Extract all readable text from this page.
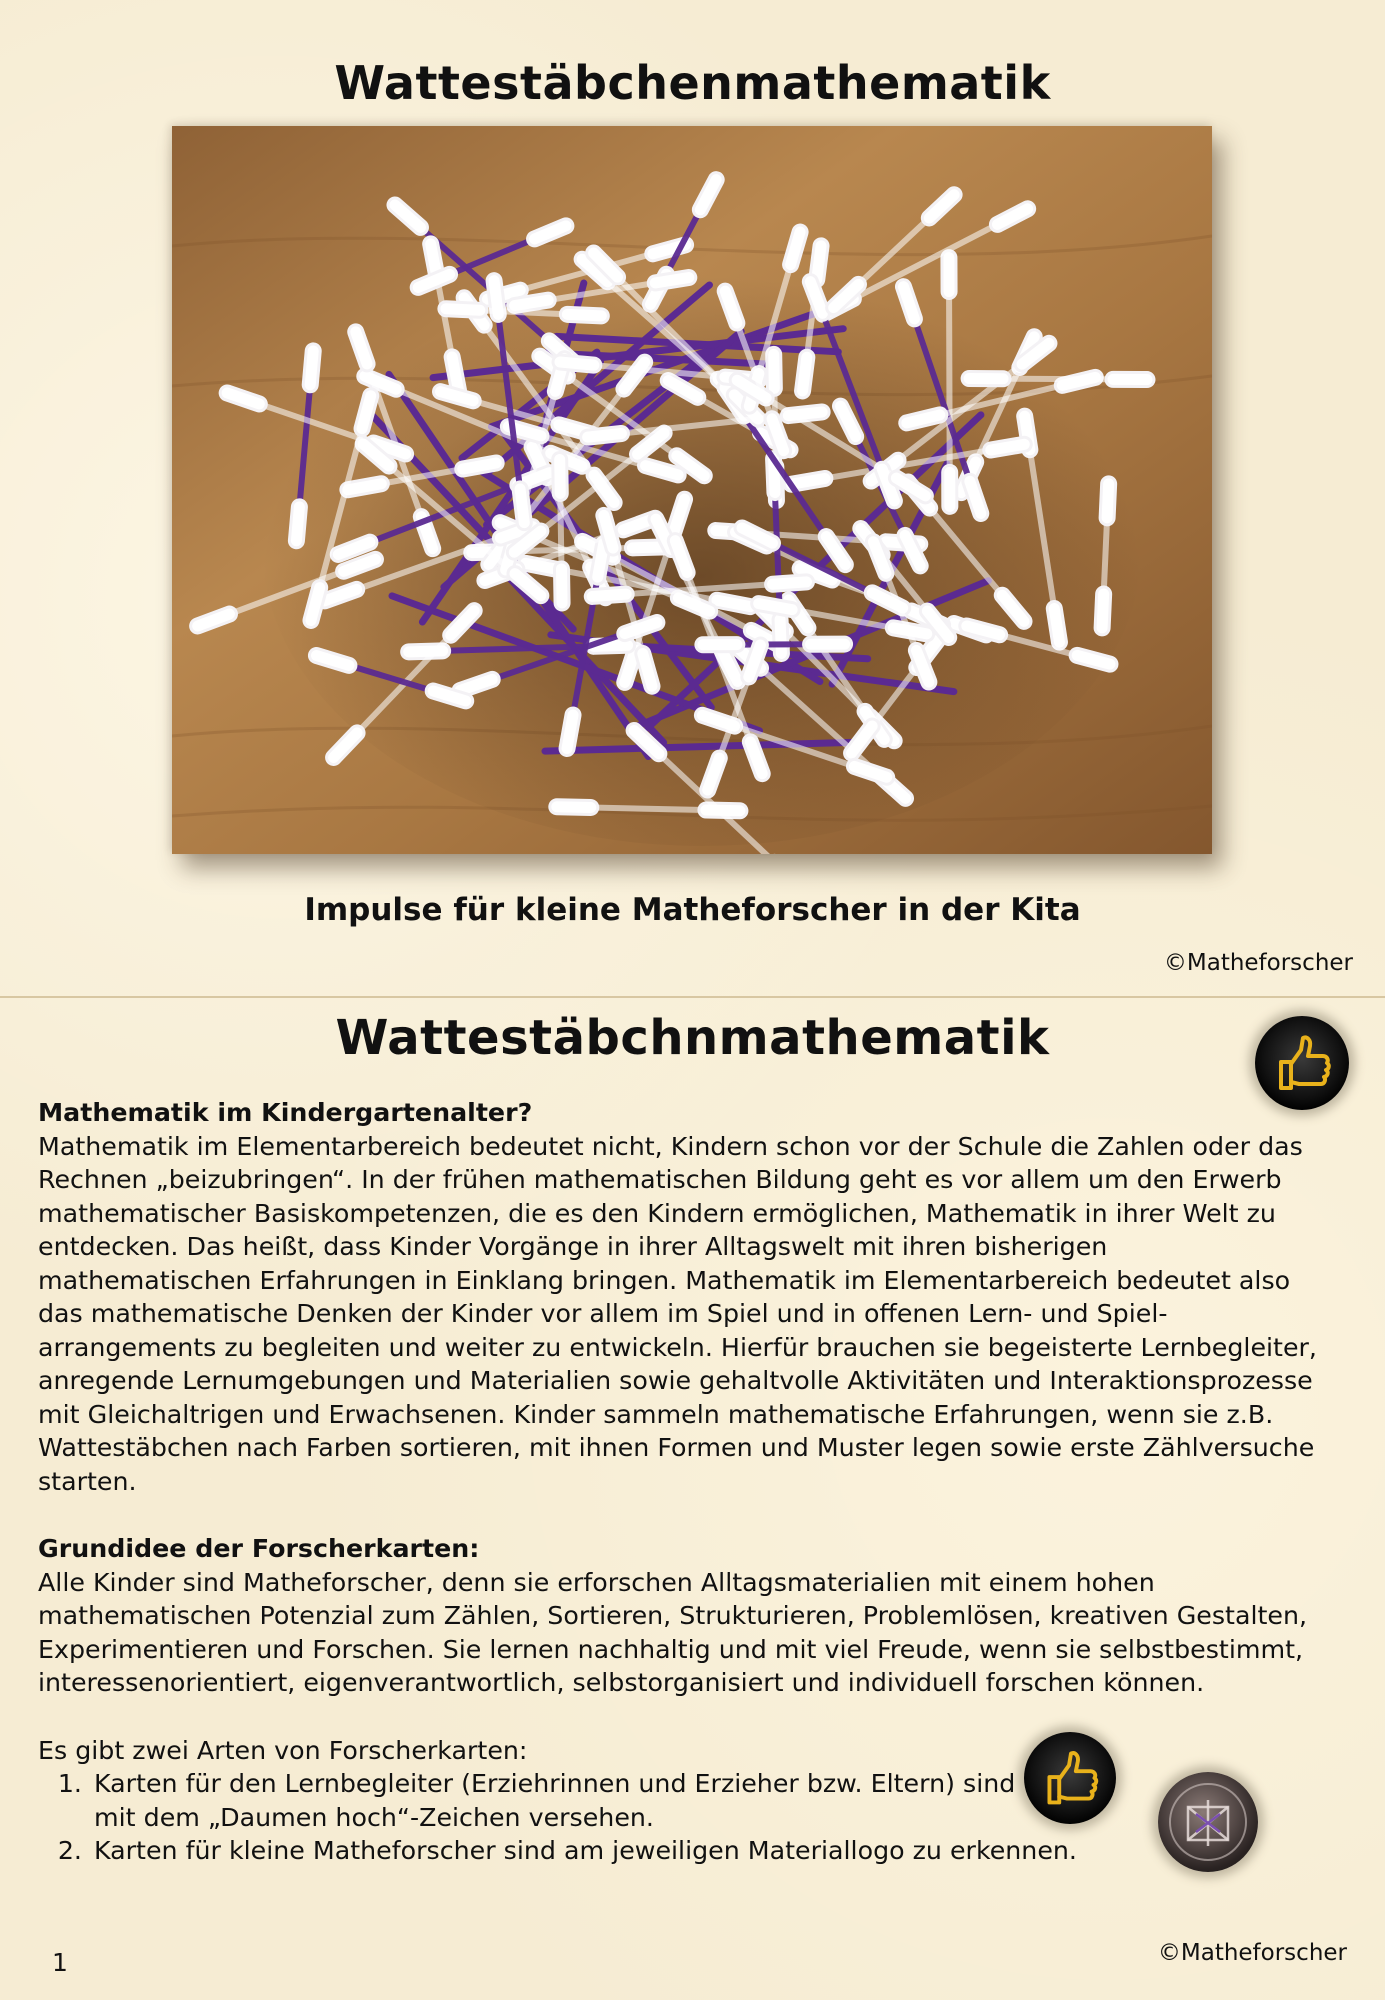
Wattestäbchenmathematik
Impulse für kleine Matheforscher in der Kita
©Matheforscher
Wattestäbchnmathematik

Mathematik im Kindergartenalter?

Mathematik im Elementarbereich bedeutet nicht, Kindern schon vor der Schule die Zahlen oder das Rechnen „beizubringen“. In der frühen mathematischen Bildung geht es vor allem um den Erwerb mathematischer Basiskompetenzen, die es den Kindern ermöglichen, Mathematik in ihrer Welt zu entdecken. Das heißt, dass Kinder Vorgänge in ihrer Alltagswelt mit ihren bisherigen mathematischen Erfahrungen in Einklang bringen. Mathematik im Elementarbereich bedeutet also das mathematische Denken der Kinder vor allem im Spiel und in offenen Lern- und Spiel-arrangements zu begleiten und weiter zu entwickeln. Hierfür brauchen sie begeisterte Lernbegleiter, anregende Lernumgebungen und Materialien sowie gehaltvolle Aktivitäten und Interaktionsprozesse mit Gleichaltrigen und Erwachsenen. Kinder sammeln mathematische Erfahrungen, wenn sie z.B. Wattestäbchen nach Farben sortieren, mit ihnen Formen und Muster legen sowie erste Zählversuche starten.

Grundidee der Forscherkarten:

Alle Kinder sind Matheforscher, denn sie erforschen Alltagsmaterialien mit einem hohen mathematischen Potenzial zum Zählen, Sortieren, Strukturieren, Problemlösen, kreativen Gestalten, Experimentieren und Forschen. Sie lernen nachhaltig und mit viel Freude, wenn sie selbstbestimmt, interessenorientiert, eigenverantwortlich, selbstorganisiert und individuell forschen können.

Es gibt zwei Arten von Forscherkarten:

1. Karten für den Lernbegleiter (Erziehrinnen und Erzieher bzw. Eltern) sind mit dem „Daumen hoch“-Zeichen versehen.
2. Karten für kleine Matheforscher sind am jeweiligen Materiallogo zu erkennen.
1	©Matheforscher
